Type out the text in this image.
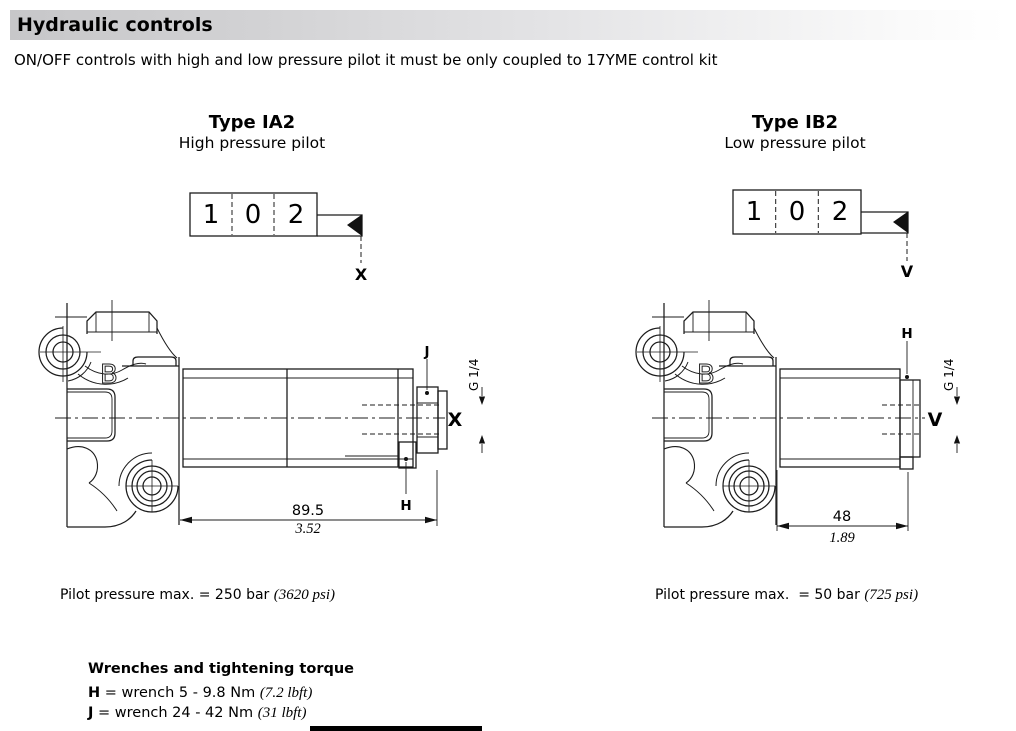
Hydraulic controls
ON/OFF controls with high and low pressure pilot it must be only coupled to 17YME control kit
Type IA2
High pressure pilot
Type IB2
Low pressure pilot
1 0 2
X
J
H
X
G 1/4
89.5
3.52
1 0 2
V
H
V
G 1/4
48
1.89
Pilot pressure max. = 250 bar (3620 psi)	Pilot pressure max.  = 50 bar (725 psi)
Wrenches and tightening torque
H = wrench 5 - 9.8 Nm (7.2 lbft)
J = wrench 24 - 42 Nm (31 lbft)
